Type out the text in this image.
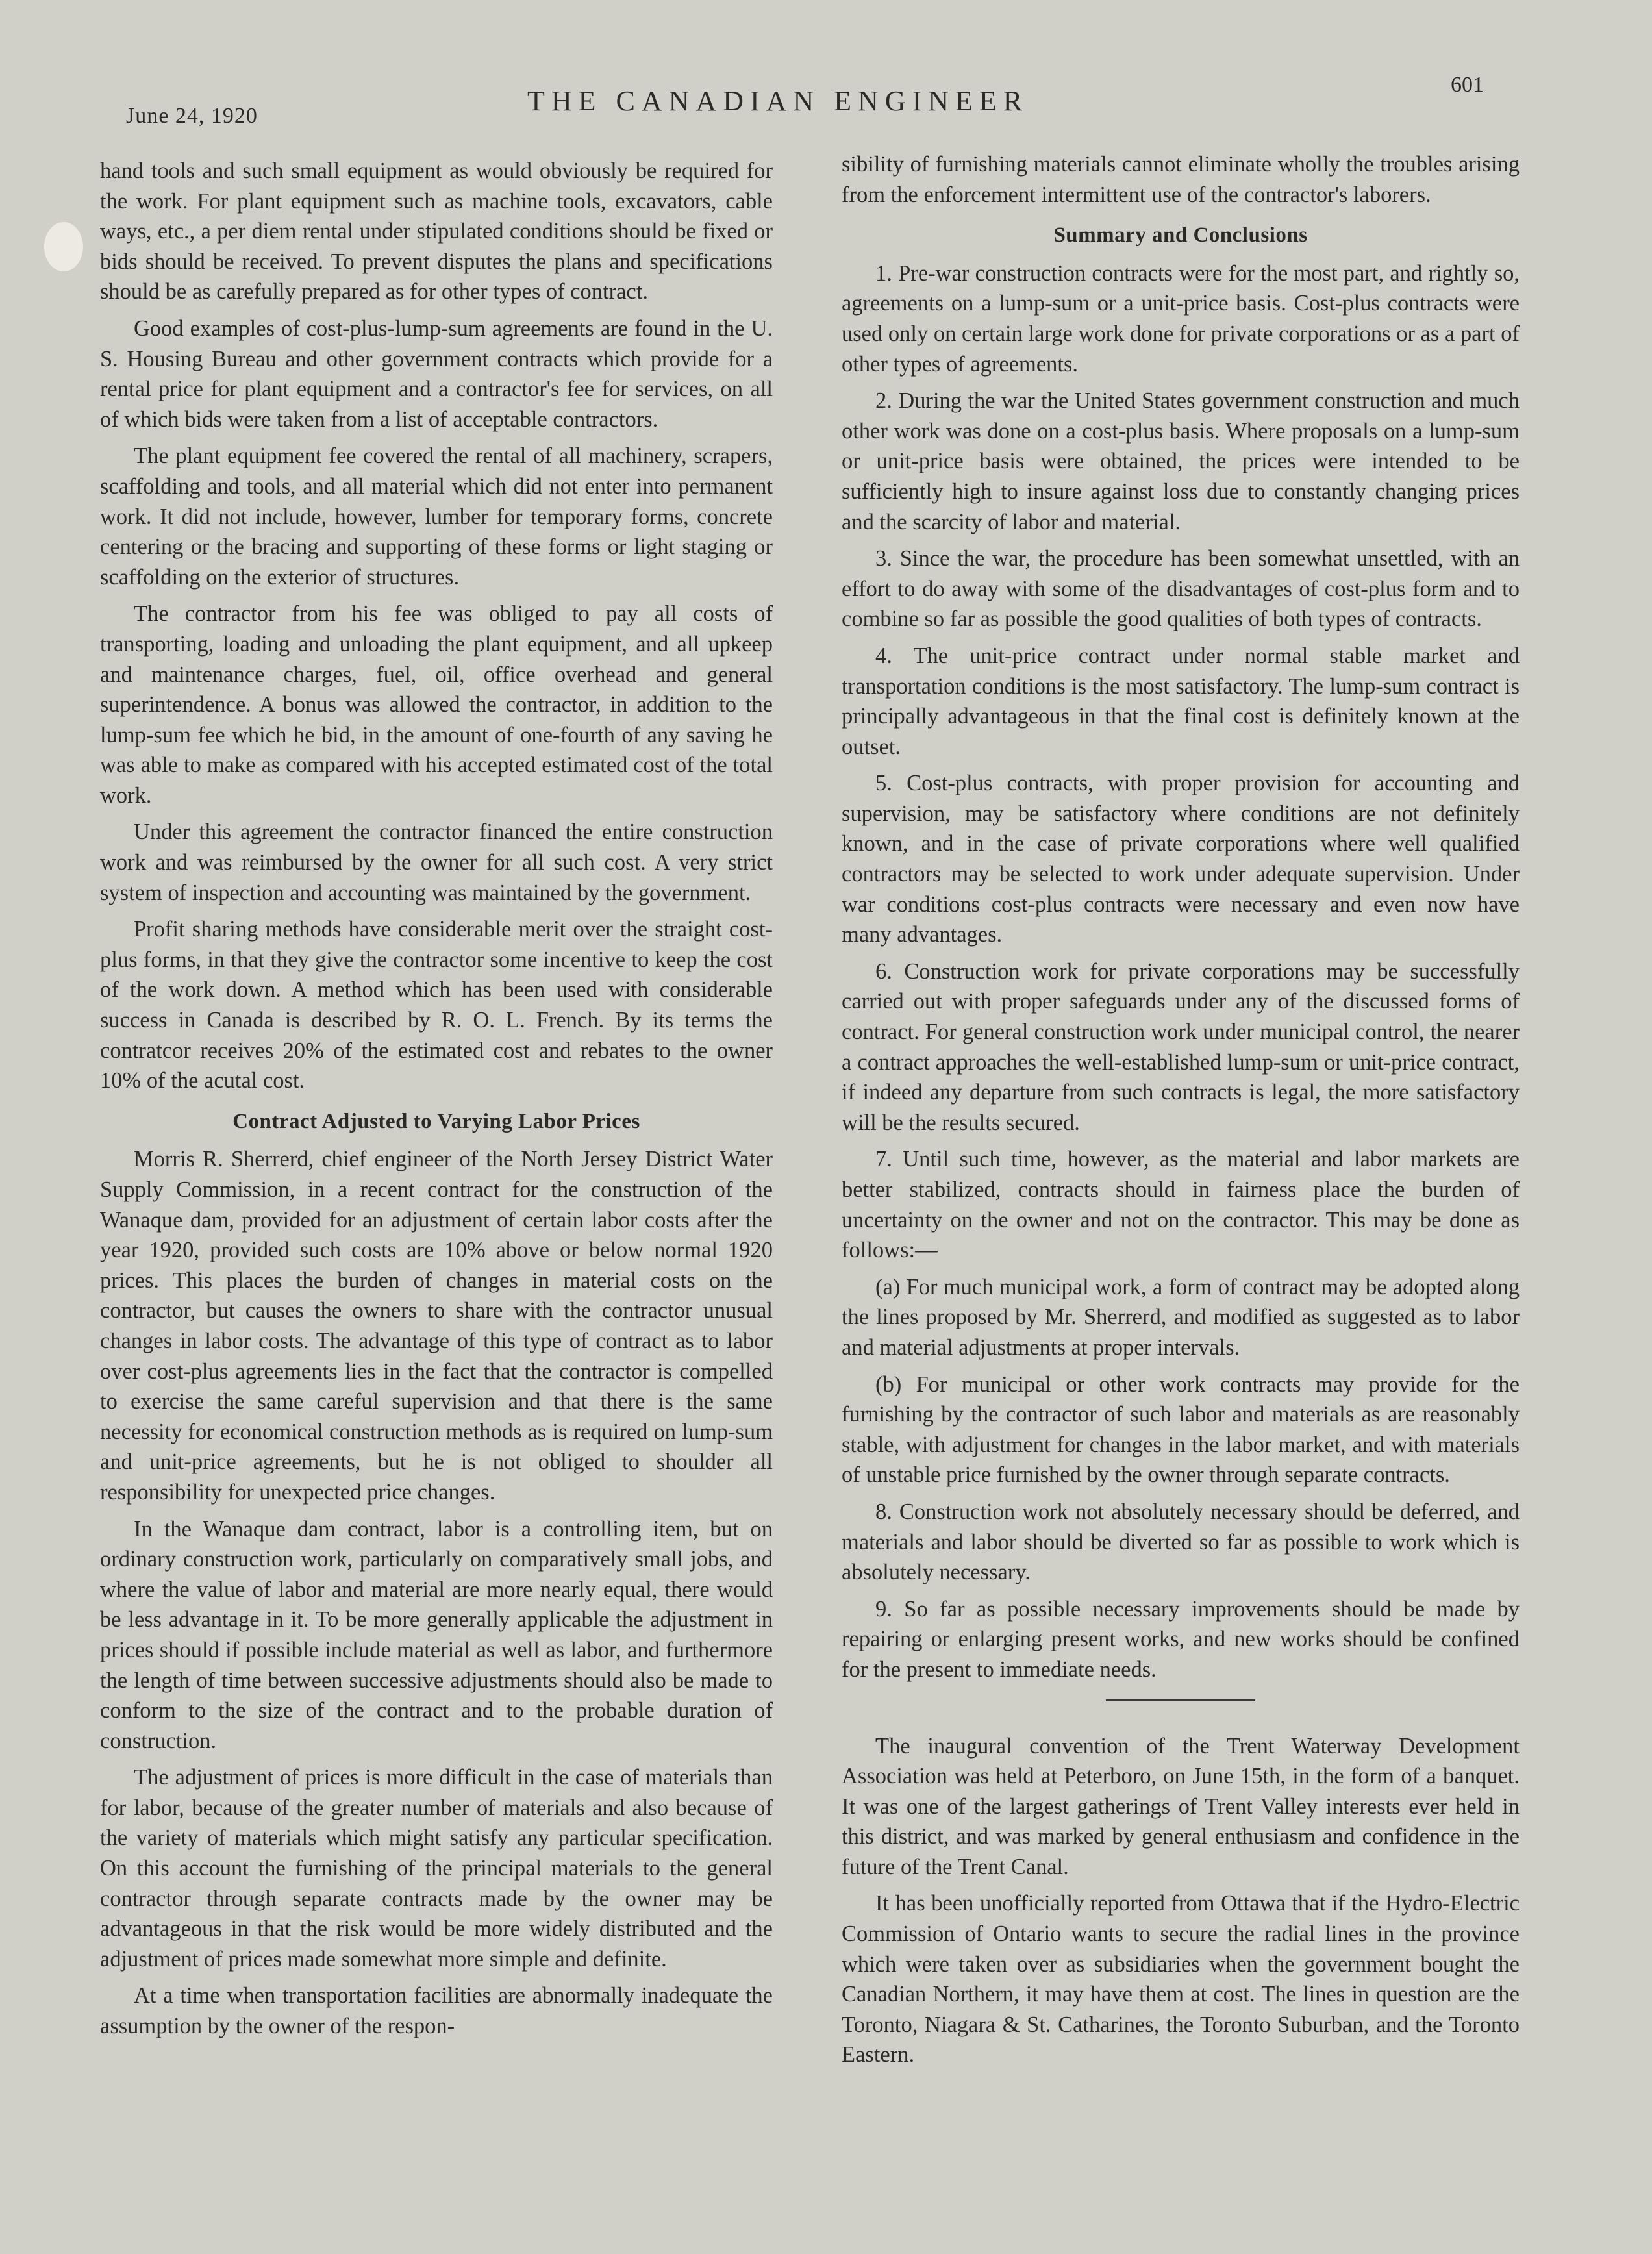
June 24, 1920	THE CANADIAN ENGINEER
601

hand tools and such small equipment as would obviously be required for the work. For plant equipment such as machine tools, excavators, cable ways, etc., a per diem rental under stipulated conditions should be fixed or bids should be received. To prevent disputes the plans and specifications should be as carefully prepared as for other types of contract.

Good examples of cost-plus-lump-sum agreements are found in the U. S. Housing Bureau and other government contracts which provide for a rental price for plant equipment and a contractor's fee for services, on all of which bids were taken from a list of acceptable contractors.

The plant equipment fee covered the rental of all machinery, scrapers, scaffolding and tools, and all material which did not enter into permanent work. It did not include, however, lumber for temporary forms, concrete centering or the bracing and supporting of these forms or light staging or scaffolding on the exterior of structures.

The contractor from his fee was obliged to pay all costs of transporting, loading and unloading the plant equipment, and all upkeep and maintenance charges, fuel, oil, office overhead and general superintendence. A bonus was allowed the contractor, in addition to the lump-sum fee which he bid, in the amount of one-fourth of any saving he was able to make as compared with his accepted estimated cost of the total work.

Under this agreement the contractor financed the entire construction work and was reimbursed by the owner for all such cost. A very strict system of inspection and accounting was maintained by the government.

Profit sharing methods have considerable merit over the straight cost-plus forms, in that they give the contractor some incentive to keep the cost of the work down. A method which has been used with considerable success in Canada is described by R. O. L. French. By its terms the contratcor receives 20% of the estimated cost and rebates to the owner 10% of the acutal cost.

Contract Adjusted to Varying Labor Prices

Morris R. Sherrerd, chief engineer of the North Jersey District Water Supply Commission, in a recent contract for the construction of the Wanaque dam, provided for an adjustment of certain labor costs after the year 1920, provided such costs are 10% above or below normal 1920 prices. This places the burden of changes in material costs on the contractor, but causes the owners to share with the contractor unusual changes in labor costs. The advantage of this type of contract as to labor over cost-plus agreements lies in the fact that the contractor is compelled to exercise the same careful supervision and that there is the same necessity for economical construction methods as is required on lump-sum and unit-price agreements, but he is not obliged to shoulder all responsibility for unexpected price changes.

In the Wanaque dam contract, labor is a controlling item, but on ordinary construction work, particularly on comparatively small jobs, and where the value of labor and material are more nearly equal, there would be less advantage in it. To be more generally applicable the adjustment in prices should if possible include material as well as labor, and furthermore the length of time between successive adjustments should also be made to conform to the size of the contract and to the probable duration of construction.

The adjustment of prices is more difficult in the case of materials than for labor, because of the greater number of materials and also because of the variety of materials which might satisfy any particular specification. On this account the furnishing of the principal materials to the general contractor through separate contracts made by the owner may be advantageous in that the risk would be more widely distributed and the adjustment of prices made somewhat more simple and definite.

At a time when transportation facilities are abnormally inadequate the assumption by the owner of the respon-

sibility of furnishing materials cannot eliminate wholly the troubles arising from the enforcement intermittent use of the contractor's laborers.

Summary and Conclusions

1. Pre-war construction contracts were for the most part, and rightly so, agreements on a lump-sum or a unit-price basis. Cost-plus contracts were used only on certain large work done for private corporations or as a part of other types of agreements.

2. During the war the United States government construction and much other work was done on a cost-plus basis. Where proposals on a lump-sum or unit-price basis were obtained, the prices were intended to be sufficiently high to insure against loss due to constantly changing prices and the scarcity of labor and material.

3. Since the war, the procedure has been somewhat unsettled, with an effort to do away with some of the disadvantages of cost-plus form and to combine so far as possible the good qualities of both types of contracts.

4. The unit-price contract under normal stable market and transportation conditions is the most satisfactory. The lump-sum contract is principally advantageous in that the final cost is definitely known at the outset.

5. Cost-plus contracts, with proper provision for accounting and supervision, may be satisfactory where conditions are not definitely known, and in the case of private corporations where well qualified contractors may be selected to work under adequate supervision. Under war conditions cost-plus contracts were necessary and even now have many advantages.

6. Construction work for private corporations may be successfully carried out with proper safeguards under any of the discussed forms of contract. For general construction work under municipal control, the nearer a contract approaches the well-established lump-sum or unit-price contract, if indeed any departure from such contracts is legal, the more satisfactory will be the results secured.

7. Until such time, however, as the material and labor markets are better stabilized, contracts should in fairness place the burden of uncertainty on the owner and not on the contractor. This may be done as follows:—

(a) For much municipal work, a form of contract may be adopted along the lines proposed by Mr. Sherrerd, and modified as suggested as to labor and material adjustments at proper intervals.

(b) For municipal or other work contracts may provide for the furnishing by the contractor of such labor and materials as are reasonably stable, with adjustment for changes in the labor market, and with materials of unstable price furnished by the owner through separate contracts.

8. Construction work not absolutely necessary should be deferred, and materials and labor should be diverted so far as possible to work which is absolutely necessary.

9. So far as possible necessary improvements should be made by repairing or enlarging present works, and new works should be confined for the present to immediate needs.

The inaugural convention of the Trent Waterway Development Association was held at Peterboro, on June 15th, in the form of a banquet. It was one of the largest gatherings of Trent Valley interests ever held in this district, and was marked by general enthusiasm and confidence in the future of the Trent Canal.

It has been unofficially reported from Ottawa that if the Hydro-Electric Commission of Ontario wants to secure the radial lines in the province which were taken over as subsidiaries when the government bought the Canadian Northern, it may have them at cost. The lines in question are the Toronto, Niagara & St. Catharines, the Toronto Suburban, and the Toronto Eastern.
